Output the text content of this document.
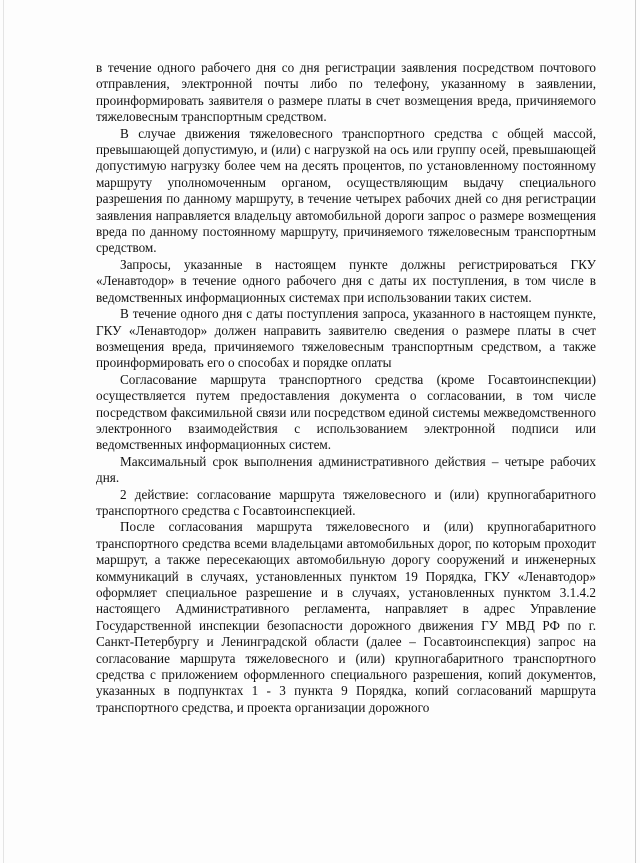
в течение одного рабочего дня со дня регистрации заявления посредством почтового отправления, электронной почты либо по телефону, указанному в заявлении, проинформировать заявителя о размере платы в счет возмещения вреда, причиняемого тяжеловесным транспортным средством.

В случае движения тяжеловесного транспортного средства с общей массой, превышающей допустимую, и (или) с нагрузкой на ось или группу осей, превышающей допустимую нагрузку более чем на десять процентов, по установленному постоянному маршруту уполномоченным органом, осуществляющим выдачу специального разрешения по данному маршруту, в течение четырех рабочих дней со дня регистрации заявления направляется владельцу автомобильной дороги запрос о размере возмещения вреда по данному постоянному маршруту, причиняемого тяжеловесным транспортным средством.

Запросы, указанные в настоящем пункте должны регистрироваться ГКУ «Ленавтодор» в течение одного рабочего дня с даты их поступления, в том числе в ведомственных информационных системах при использовании таких систем.

В течение одного дня с даты поступления запроса, указанного в настоящем пункте, ГКУ «Ленавтодор» должен направить заявителю сведения о размере платы в счет возмещения вреда, причиняемого тяжеловесным транспортным средством, а также проинформировать его о способах и порядке оплаты

Согласование маршрута транспортного средства (кроме Госавтоинспекции) осуществляется путем предоставления документа о согласовании, в том числе посредством факсимильной связи или посредством единой системы межведомственного электронного взаимодействия с использованием электронной подписи или ведомственных информационных систем.

Максимальный срок выполнения административного действия – четыре рабочих дня.

2 действие: согласование маршрута тяжеловесного и (или) крупногабаритного транспортного средства с Госавтоинспекцией.

После согласования маршрута тяжеловесного и (или) крупногабаритного транспортного средства всеми владельцами автомобильных дорог, по которым проходит маршрут, а также пересекающих автомобильную дорогу сооружений и инженерных коммуникаций в случаях, установленных пунктом 19 Порядка, ГКУ «Ленавтодор» оформляет специальное разрешение и в случаях, установленных пунктом 3.1.4.2 настоящего Административного регламента, направляет в адрес Управление Государственной инспекции безопасности дорожного движения ГУ МВД РФ по г. Санкт-Петербургу и Ленинградской области (далее – Госавтоинспекция) запрос на согласование маршрута тяжеловесного и (или) крупногабаритного транспортного средства с приложением оформленного специального разрешения, копий документов, указанных в подпунктах 1 - 3 пункта 9 Порядка, копий согласований маршрута транспортного средства, и проекта организации дорожного
